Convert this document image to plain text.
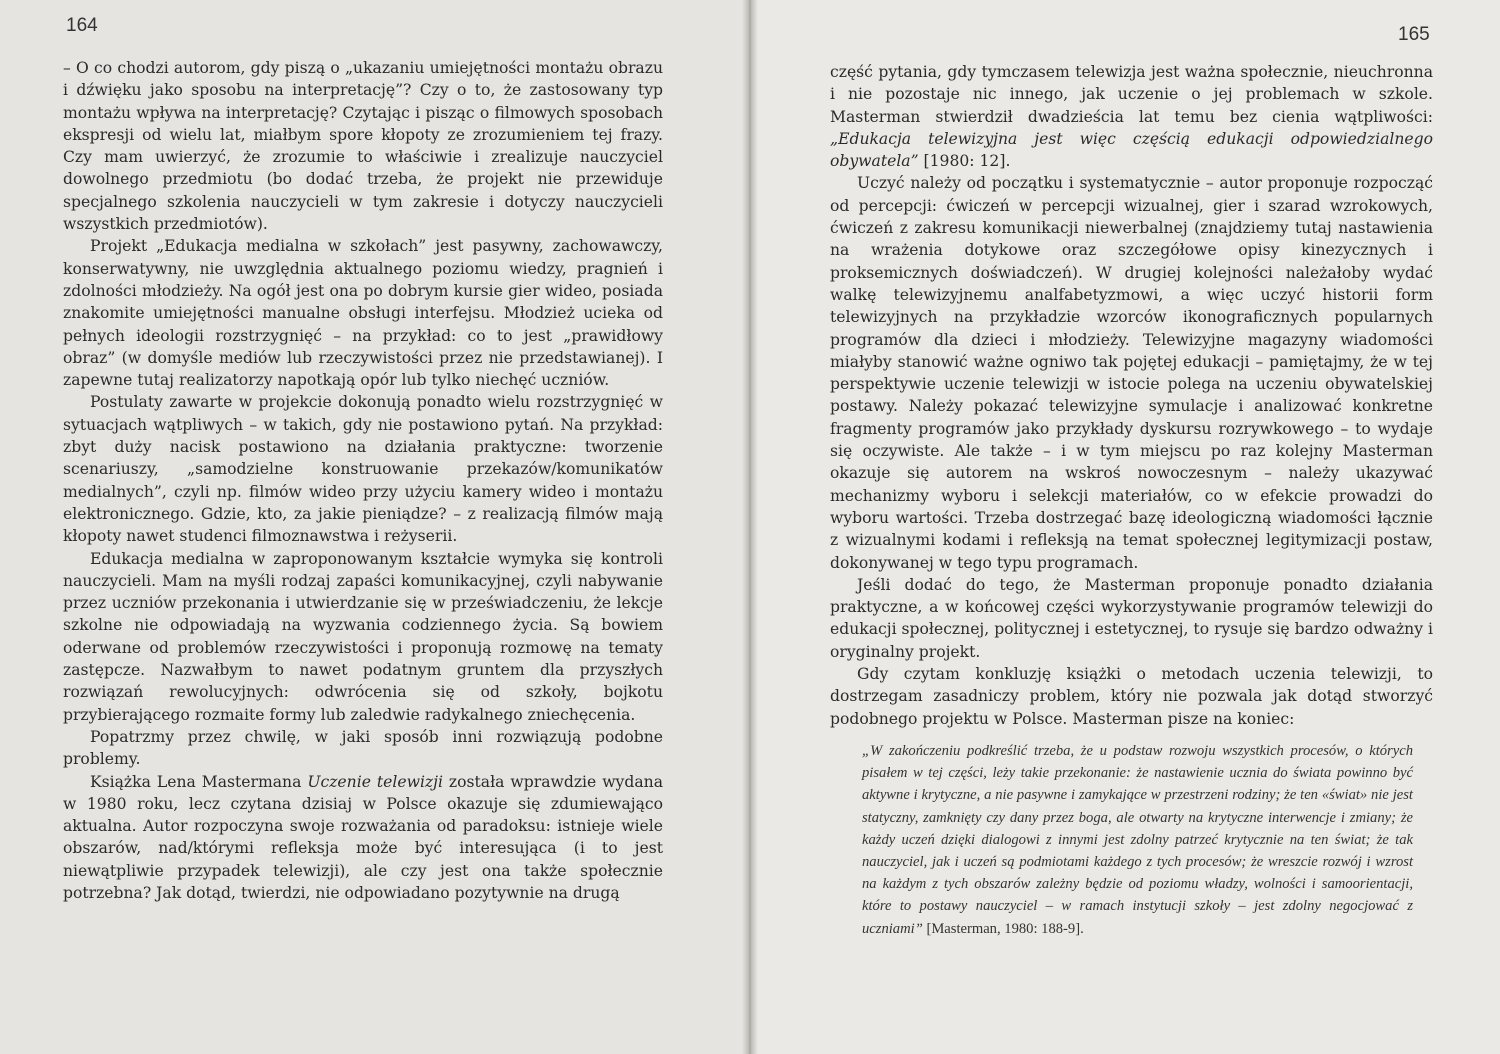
164

– O co chodzi autorom, gdy piszą o „ukazaniu umiejętności montażu obrazu i dźwięku jako sposobu na interpretację”? Czy o to, że zastosowany typ montażu wpływa na interpretację? Czytając i pisząc o filmowych sposobach ekspresji od wielu lat, miałbym spore kłopoty ze zrozumieniem tej frazy. Czy mam uwierzyć, że zrozumie to właściwie i zrealizuje nauczyciel dowolnego przedmiotu (bo dodać trzeba, że projekt nie przewiduje specjalnego szkolenia nauczycieli w tym zakresie i dotyczy nauczycieli wszystkich przedmiotów).

Projekt „Edukacja medialna w szkołach” jest pasywny, zachowawczy, konserwatywny, nie uwzględnia aktualnego poziomu wiedzy, pragnień i zdolności młodzieży. Na ogół jest ona po dobrym kursie gier wideo, posiada znakomite umiejętności manualne obsługi interfejsu. Młodzież ucieka od pełnych ideologii rozstrzygnięć – na przykład: co to jest „prawidłowy obraz” (w domyśle mediów lub rzeczywistości przez nie przedstawianej). I zapewne tutaj realizatorzy napotkają opór lub tylko niechęć uczniów.

Postulaty zawarte w projekcie dokonują ponadto wielu rozstrzygnięć w sytuacjach wątpliwych – w takich, gdy nie postawiono pytań. Na przykład: zbyt duży nacisk postawiono na działania praktyczne: tworzenie scenariuszy, „samodzielne konstruowanie przekazów/komunikatów medialnych”, czyli np. filmów wideo przy użyciu kamery wideo i montażu elektronicznego. Gdzie, kto, za jakie pieniądze? – z realizacją filmów mają kłopoty nawet studenci filmoznawstwa i reżyserii.

Edukacja medialna w zaproponowanym kształcie wymyka się kontroli nauczycieli. Mam na myśli rodzaj zapaści komunikacyjnej, czyli nabywanie przez uczniów przekonania i utwierdzanie się w przeświadczeniu, że lekcje szkolne nie odpowiadają na wyzwania codziennego życia. Są bowiem oderwane od problemów rzeczywistości i proponują rozmowę na tematy zastępcze. Nazwałbym to nawet podatnym gruntem dla przyszłych rozwiązań rewolucyjnych: odwrócenia się od szkoły, bojkotu przybierającego rozmaite formy lub zaledwie radykalnego zniechęcenia.

Popatrzmy przez chwilę, w jaki sposób inni rozwiązują podobne problemy.

Książka Lena Mastermana Uczenie telewizji została wprawdzie wydana w 1980 roku, lecz czytana dzisiaj w Polsce okazuje się zdumiewająco aktualna. Autor rozpoczyna swoje rozważania od paradoksu: istnieje wiele obszarów, nad/którymi refleksja może być interesująca (i to jest niewątpliwie przypadek telewizji), ale czy jest ona także społecznie potrzebna? Jak dotąd, twierdzi, nie odpowiadano pozytywnie na drugą

165

część pytania, gdy tymczasem telewizja jest ważna społecznie, nieuchronna i nie pozostaje nic innego, jak uczenie o jej problemach w szkole. Masterman stwierdził dwadzieścia lat temu bez cienia wątpliwości: „Edukacja telewizyjna jest więc częścią edukacji odpowiedzialnego obywatela” [1980: 12].

Uczyć należy od początku i systematycznie – autor proponuje rozpocząć od percepcji: ćwiczeń w percepcji wizualnej, gier i szarad wzrokowych, ćwiczeń z zakresu komunikacji niewerbalnej (znajdziemy tutaj nastawienia na wrażenia dotykowe oraz szczegółowe opisy kinezycznych i proksemicznych doświadczeń). W drugiej kolejności należałoby wydać walkę telewizyjnemu analfabetyzmowi, a więc uczyć historii form telewizyjnych na przykładzie wzorców ikonograficznych popularnych programów dla dzieci i młodzieży. Telewizyjne magazyny wiadomości miałyby stanowić ważne ogniwo tak pojętej edukacji – pamiętajmy, że w tej perspektywie uczenie telewizji w istocie polega na uczeniu obywatelskiej postawy. Należy pokazać telewizyjne symulacje i analizować konkretne fragmenty programów jako przykłady dyskursu rozrywkowego – to wydaje się oczywiste. Ale także – i w tym miejscu po raz kolejny Masterman okazuje się autorem na wskroś nowoczesnym – należy ukazywać mechanizmy wyboru i selekcji materiałów, co w efekcie prowadzi do wyboru wartości. Trzeba dostrzegać bazę ideologiczną wiadomości łącznie z wizualnymi kodami i refleksją na temat społecznej legitymizacji postaw, dokonywanej w tego typu programach.

Jeśli dodać do tego, że Masterman proponuje ponadto działania praktyczne, a w końcowej części wykorzystywanie programów telewizji do edukacji społecznej, politycznej i estetycznej, to rysuje się bardzo odważny i oryginalny projekt.

Gdy czytam konkluzję książki o metodach uczenia telewizji, to dostrzegam zasadniczy problem, który nie pozwala jak dotąd stworzyć podobnego projektu w Polsce. Masterman pisze na koniec:

„W zakończeniu podkreślić trzeba, że u podstaw rozwoju wszystkich procesów, o których pisałem w tej części, leży takie przekonanie: że nastawienie ucznia do świata powinno być aktywne i krytyczne, a nie pasywne i zamykające w przestrzeni rodziny; że ten «świat» nie jest statyczny, zamknięty czy dany przez boga, ale otwarty na krytyczne interwencje i zmiany; że każdy uczeń dzięki dialogowi z innymi jest zdolny patrzeć krytycznie na ten świat; że tak nauczyciel, jak i uczeń są podmiotami każdego z tych procesów; że wreszcie rozwój i wzrost na każdym z tych obszarów zależny będzie od poziomu władzy, wolności i samoorientacji, które to postawy nauczyciel – w ramach instytucji szkoły – jest zdolny negocjować z uczniami” [Masterman, 1980: 188-9].
